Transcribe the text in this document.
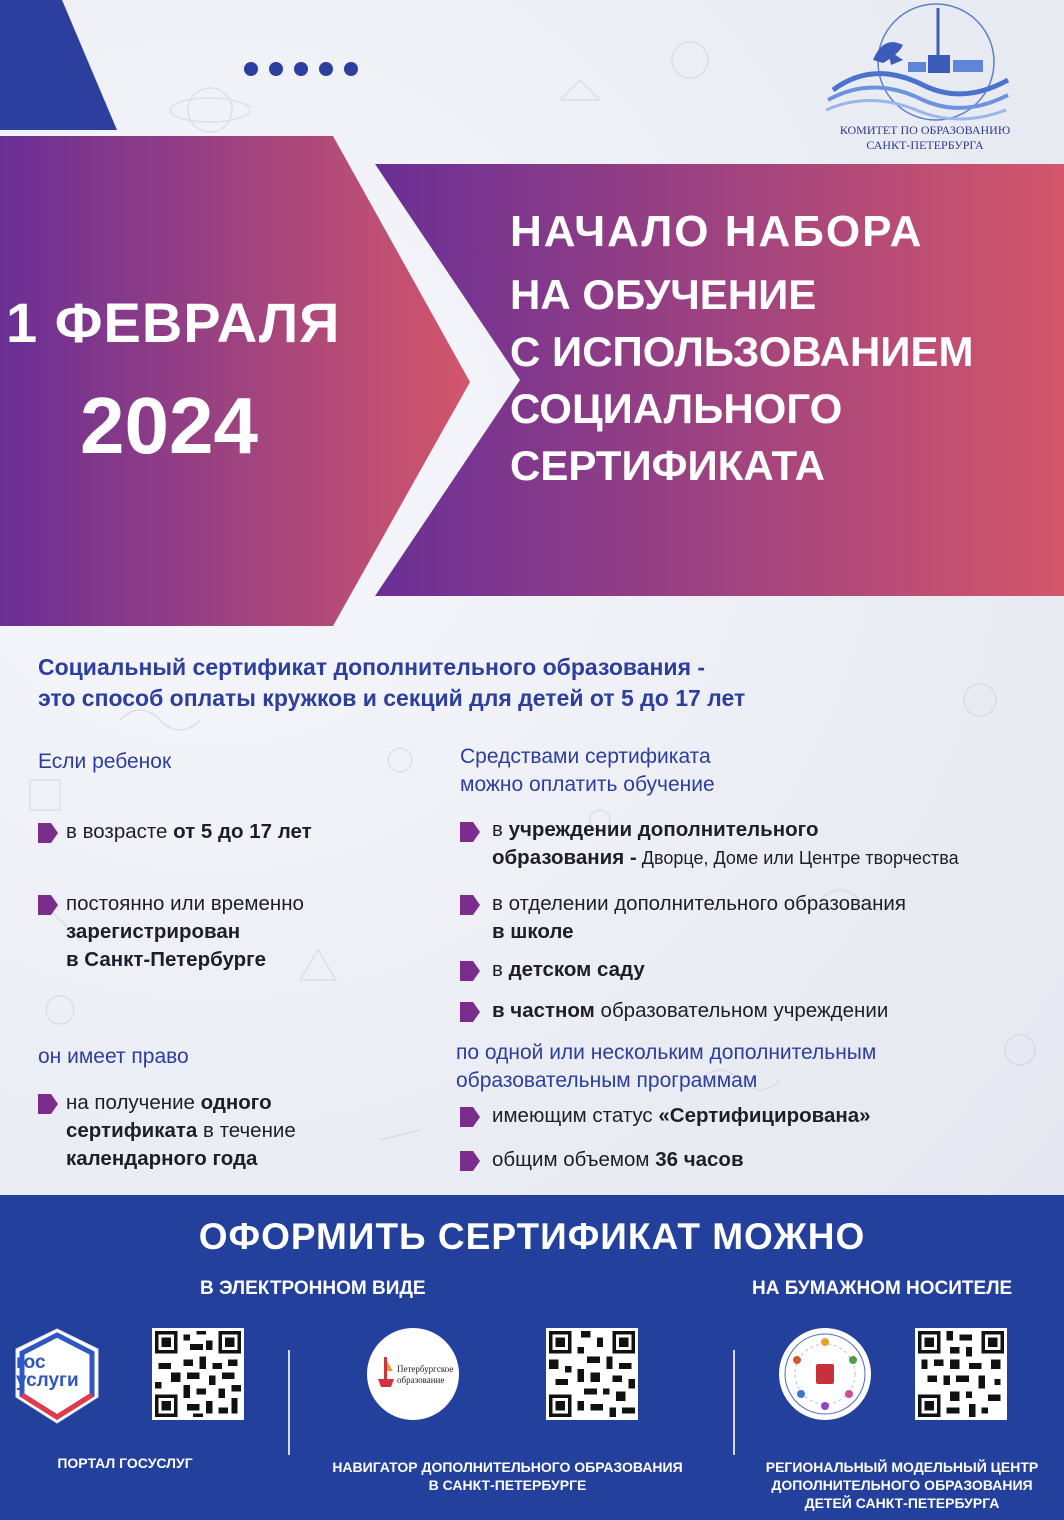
КОМИТЕТ ПО ОБРАЗОВАНИЮ
САНКТ-ПЕТЕРБУРГА
1 ФЕВРАЛЯ
2024
НАЧАЛО НАБОРА
НА ОБУЧЕНИЕ
С ИСПОЛЬЗОВАНИЕМ
СОЦИАЛЬНОГО
СЕРТИФИКАТА
Социальный сертификат дополнительного образования -
это способ оплаты кружков и секций для детей от 5 до 17 лет
Если ребенок
в возрасте от 5 до 17 лет
постоянно или временно
зарегистрирован
в Санкт-Петербурге
он имеет право
на получение одного
сертификата в течение
календарного года
Средствами сертификата
можно оплатить обучение
в учреждении дополнительного
образования - Дворце, Доме или Центре творчества
в отделении дополнительного образования
в школе
в детском саду
в частном образовательном учреждении
по одной или нескольким дополнительным
образовательным программам
имеющим статус «Сертифицирована»
общим объемом 36 часов
ОФОРМИТЬ СЕРТИФИКАТ МОЖНО
В ЭЛЕКТРОННОМ ВИДЕ	НА БУМАЖНОМ НОСИТЕЛЕ
гос
услуги
Петербургское образование
ПОРТАЛ ГОСУСЛУГ	НАВИГАТОР ДОПОЛНИТЕЛЬНОГО ОБРАЗОВАНИЯ
В САНКТ-ПЕТЕРБУРГЕ
РЕГИОНАЛЬНЫЙ МОДЕЛЬНЫЙ ЦЕНТР
ДОПОЛНИТЕЛЬНОГО ОБРАЗОВАНИЯ
ДЕТЕЙ САНКТ-ПЕТЕРБУРГА
